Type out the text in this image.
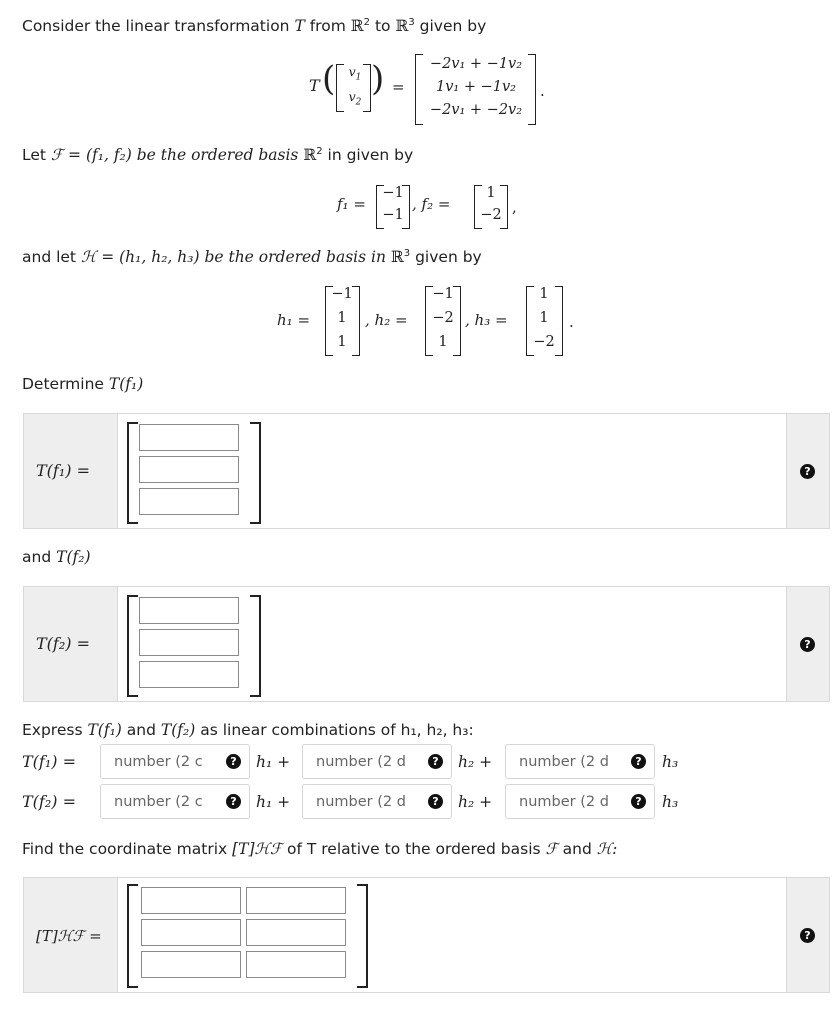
Consider the linear transformation T from ℝ$^2$ to ℝ$^3$ given by
T (	$v_1$
$v_2$
) =
−2v₁ + −1v₂
1v₁ + −1v₂
−2v₁ + −2v₂
.
Let ℱ = (f₁, f₂) be the ordered basis ℝ$^2$ in given by
f₁ =
−1
−1
, f₂ =
1
−2 ,
and let ℋ = (h₁, h₂, h₃) be the ordered basis in ℝ$^3$ given by
h₁ =
−1
1
1
, h₂ =
−1
−2
1
, h₃ =
1
1
−2
.
Determine T(f₁)
T(f₁) =	?
and T(f₂)
T(f₂) =	?
Express T(f₁) and T(f₂) as linear combinations of h₁, h₂, h₃:
T(f₁) =	number (2 c	? h₁ +	number (2 d	? h₂ +	number (2 d	? h₃
T(f₂) =	number (2 c	? h₁ +	number (2 d	? h₂ +	number (2 d	? h₃
Find the coordinate matrix [T]ℋℱ of T relative to the ordered basis ℱ and ℋ:
[T]ℋℱ =	?
